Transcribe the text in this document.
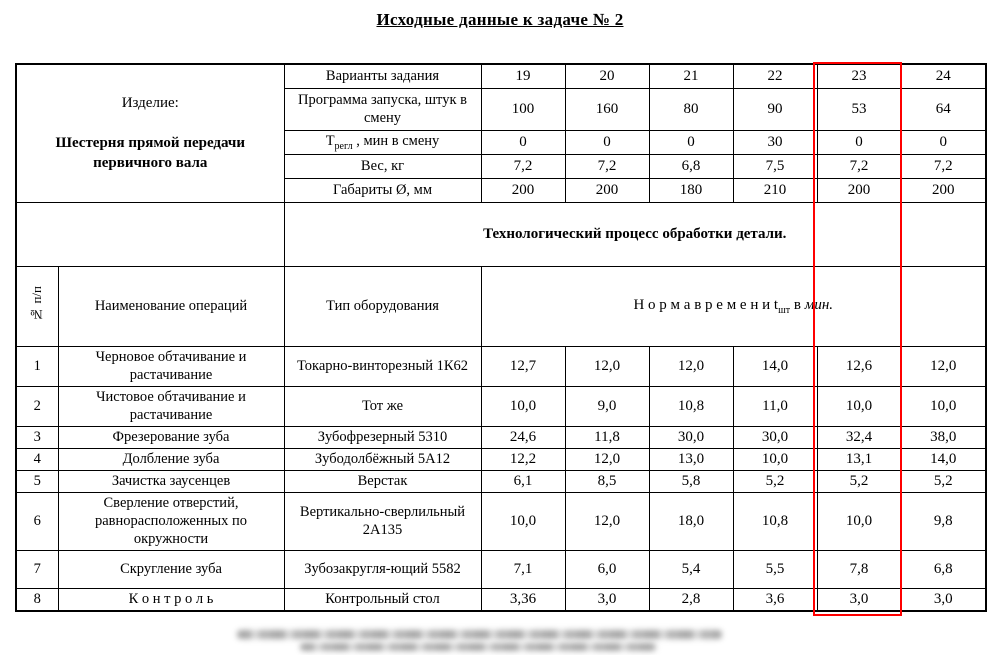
Исходные данные к задаче № 2
Изделие:
Шестерня прямой передачи первичного вала		Варианты задания	19	20	21	22	23	24
		Программа запуска, штук в смену	100	160	80	90	53	64
		$Т_{регл}$ , мин в смену	0	0	0	30	0	0
		Вес, кг	7,2	7,2	6,8	7,5	7,2	7,2
		Габариты Ø, мм	200	200	180	210	200	200
		Технологический процесс обработки детали.						
№ п/п	Наименование операций	Тип оборудования	Н о р м а в р е м е н и $t_{шт}$ в мин.					
1	Черновое обтачивание и растачивание	Токарно-винторезный 1К62	12,7	12,0	12,0	14,0	12,6	12,0
2	Чистовое обтачивание и растачивание	Тот же	10,0	9,0	10,8	11,0	10,0	10,0
3	Фрезерование зуба	Зубофрезерный 5310	24,6	11,8	30,0	30,0	32,4	38,0
4	Долбление зуба	Зубодолбёжный 5А12	12,2	12,0	13,0	10,0	13,1	14,0
5	Зачистка заусенцев	Верстак	6,1	8,5	5,8	5,2	5,2	5,2
6	Сверление отверстий, равнорасположенных по окружности	Вертикально-сверлильный 2А135	10,0	12,0	18,0	10,8	10,0	9,8
7	Скругление зуба	Зубозакругля-ющий 5582	7,1	6,0	5,4	5,5	7,8	6,8
8	К о н т р о л ь	Контрольный стол	3,36	3,0	2,8	3,6	3,0	3,0
